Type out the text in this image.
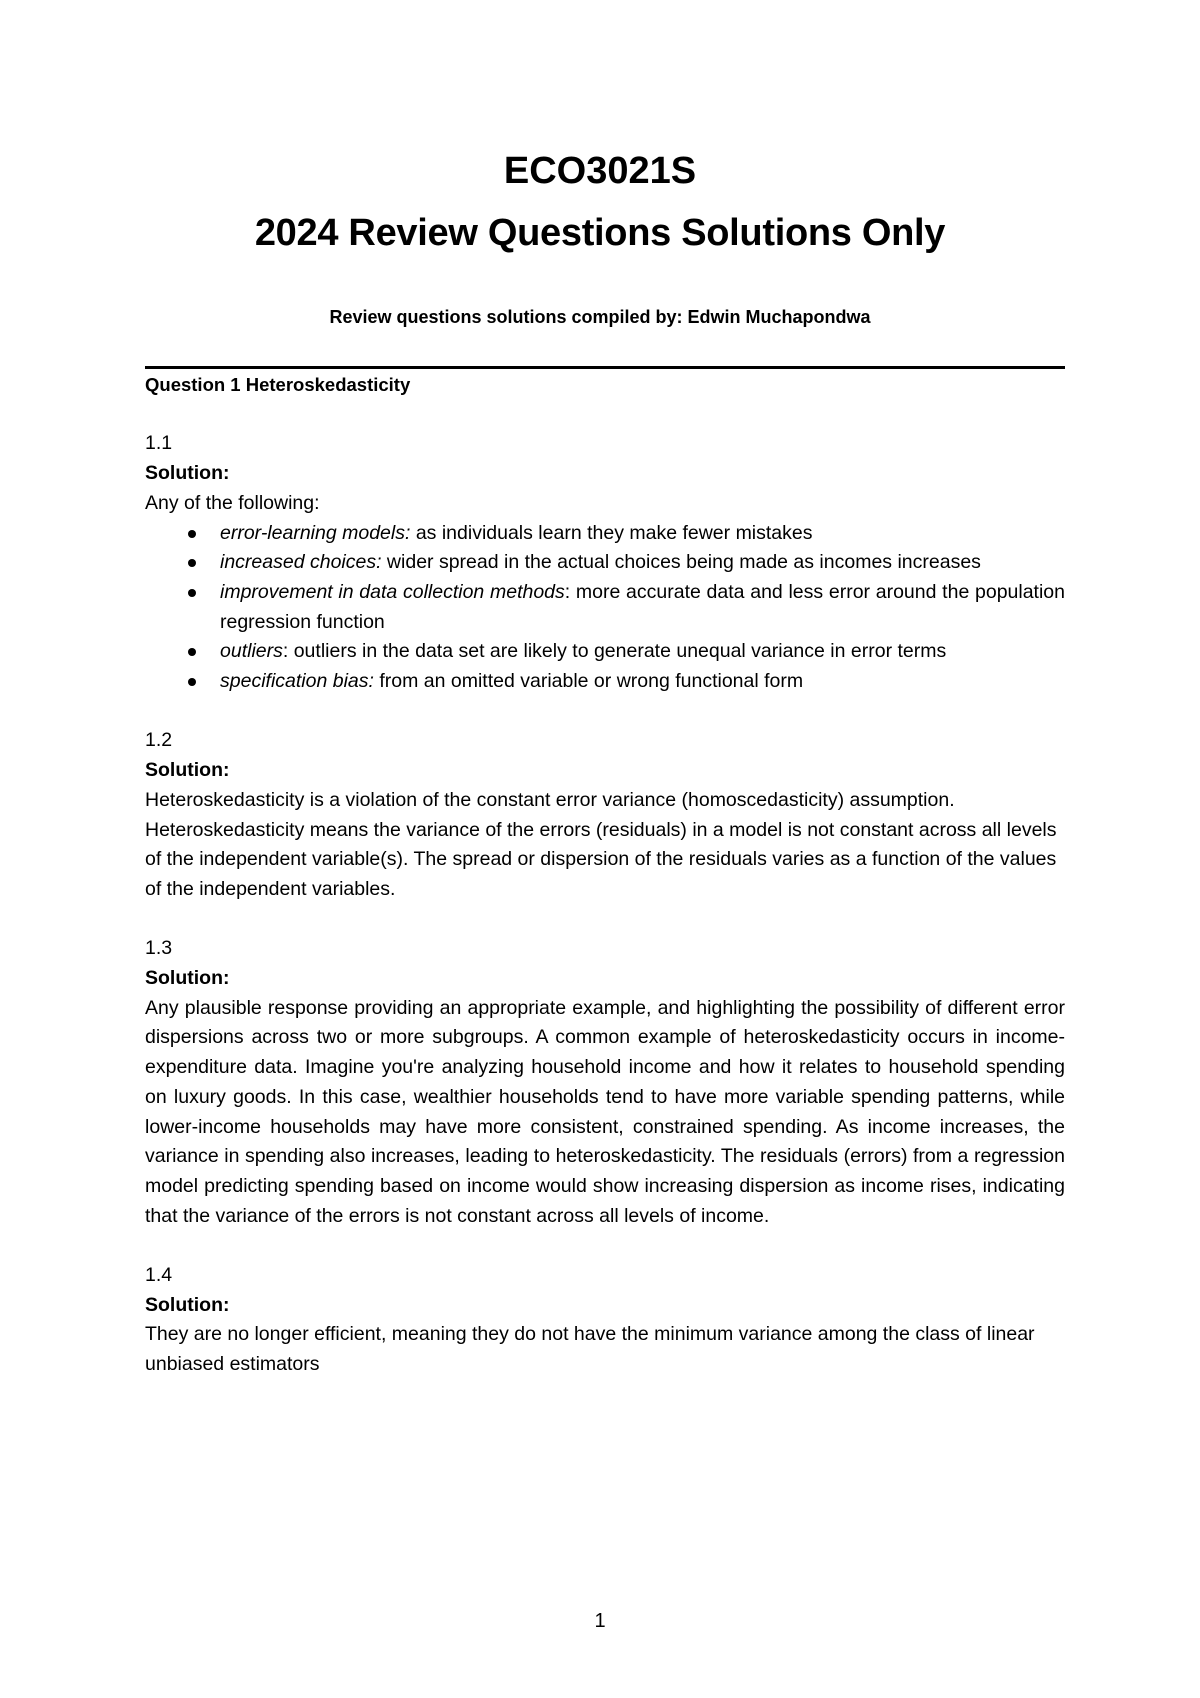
ECO3021S
2024 Review Questions Solutions Only
Review questions solutions compiled by: Edwin Muchapondwa
Question 1 Heteroskedasticity
1.1
Solution:
Any of the following:
error-learning models: as individuals learn they make fewer mistakes
increased choices: wider spread in the actual choices being made as incomes increases
improvement in data collection methods: more accurate data and less error around the population regression function
outliers: outliers in the data set are likely to generate unequal variance in error terms
specification bias: from an omitted variable or wrong functional form
1.2
Solution:
Heteroskedasticity is a violation of the constant error variance (homoscedasticity) assumption. Heteroskedasticity means the variance of the errors (residuals) in a model is not constant across all levels of the independent variable(s). The spread or dispersion of the residuals varies as a function of the values of the independent variables.
1.3
Solution:
Any plausible response providing an appropriate example, and highlighting the possibility of different error dispersions across two or more subgroups. A common example of heteroskedasticity occurs in income-expenditure data. Imagine you're analyzing household income and how it relates to household spending on luxury goods. In this case, wealthier households tend to have more variable spending patterns, while lower-income households may have more consistent, constrained spending. As income increases, the variance in spending also increases, leading to heteroskedasticity. The residuals (errors) from a regression model predicting spending based on income would show increasing dispersion as income rises, indicating that the variance of the errors is not constant across all levels of income.
1.4
Solution:
They are no longer efficient, meaning they do not have the minimum variance among the class of linear unbiased estimators
1
